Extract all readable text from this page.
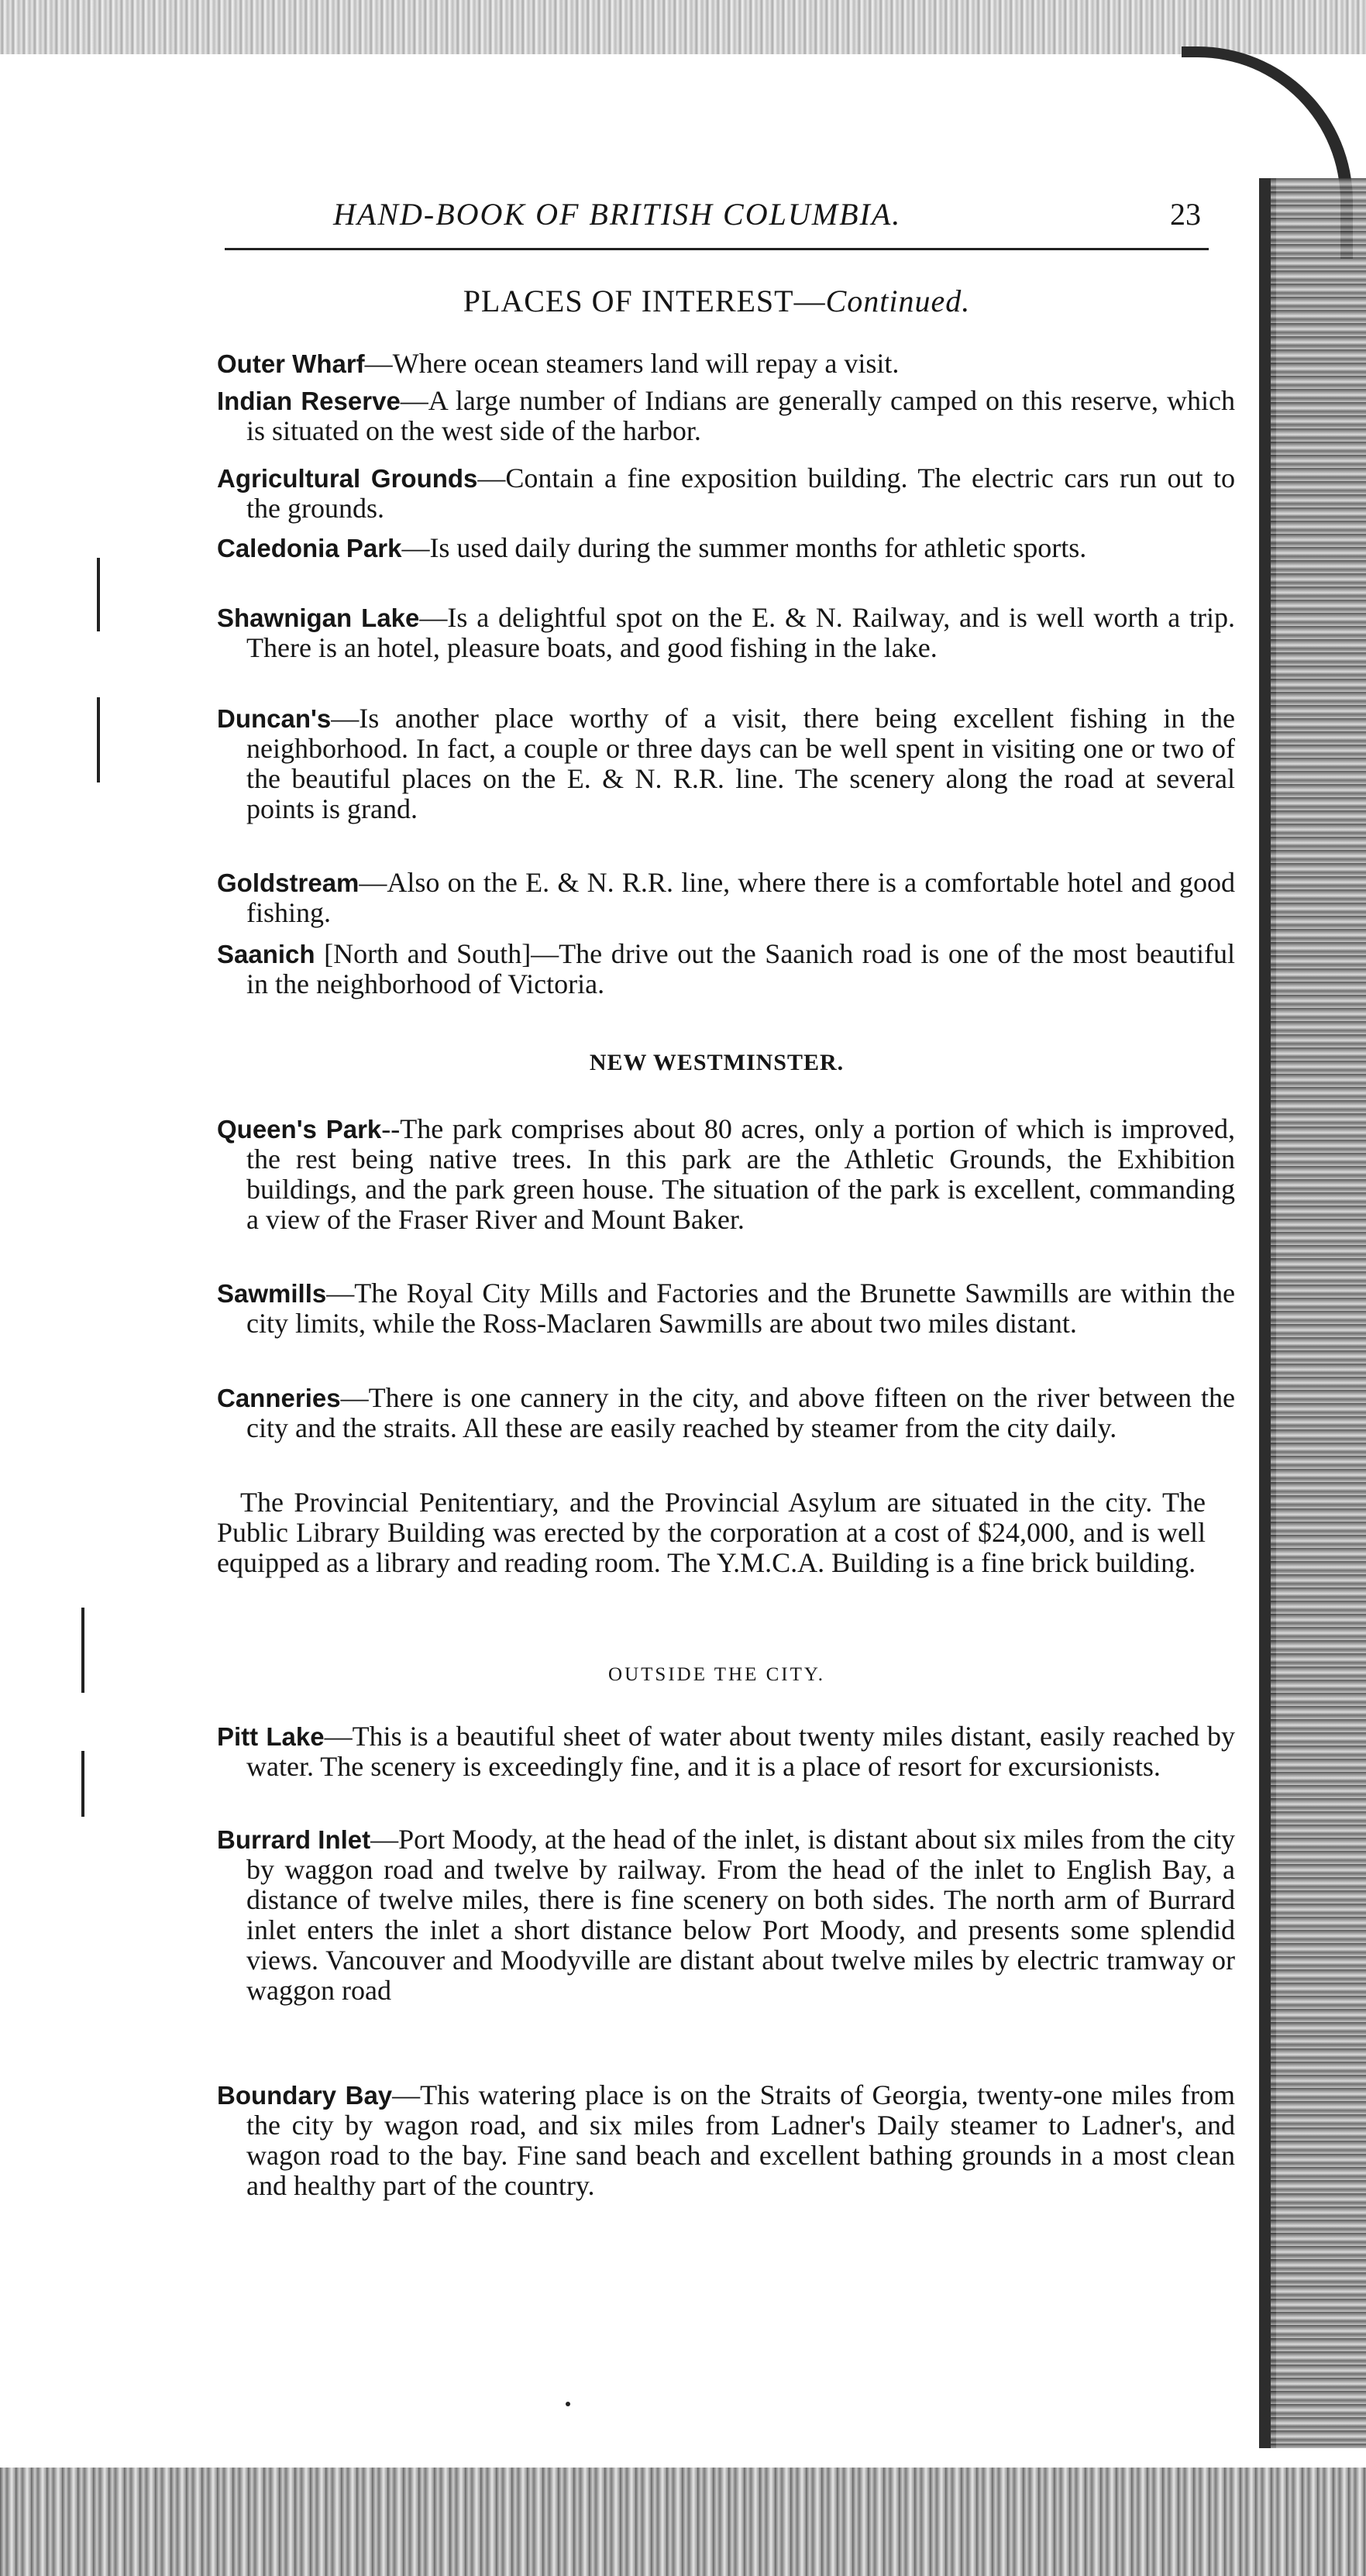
HAND-BOOK OF BRITISH COLUMBIA.	23
PLACES OF INTEREST—Continued.
Outer Wharf—Where ocean steamers land will repay a visit.
Indian Reserve—A large number of Indians are generally camped on this reserve, which is situated on the west side of the harbor.
Agricultural Grounds—Contain a fine exposition building. The electric cars run out to the grounds.
Caledonia Park—Is used daily during the summer months for athletic sports.
Shawnigan Lake—Is a delightful spot on the E. & N. Railway, and is well worth a trip. There is an hotel, pleasure boats, and good fishing in the lake.
Duncan's—Is another place worthy of a visit, there being excellent fishing in the neighborhood. In fact, a couple or three days can be well spent in visiting one or two of the beautiful places on the E. & N. R.R. line. The scenery along the road at several points is grand.
Goldstream—Also on the E. & N. R.R. line, where there is a comfortable hotel and good fishing.
Saanich [North and South]—The drive out the Saanich road is one of the most beautiful in the neighborhood of Victoria.
NEW WESTMINSTER.
Queen's Park--The park comprises about 80 acres, only a portion of which is improved, the rest being native trees. In this park are the Athletic Grounds, the Exhibition buildings, and the park green house. The situation of the park is excellent, commanding a view of the Fraser River and Mount Baker.
Sawmills—The Royal City Mills and Factories and the Brunette Sawmills are within the city limits, while the Ross-Maclaren Sawmills are about two miles distant.
Canneries—There is one cannery in the city, and above fifteen on the river between the city and the straits. All these are easily reached by steamer from the city daily.
The Provincial Penitentiary, and the Provincial Asylum are situated in the city. The Public Library Building was erected by the corporation at a cost of $24,000, and is well equipped as a library and reading room. The Y.M.C.A. Building is a fine brick building.
OUTSIDE THE CITY.
Pitt Lake—This is a beautiful sheet of water about twenty miles distant, easily reached by water. The scenery is exceedingly fine, and it is a place of resort for excursionists.
Burrard Inlet—Port Moody, at the head of the inlet, is distant about six miles from the city by waggon road and twelve by railway. From the head of the inlet to English Bay, a distance of twelve miles, there is fine scenery on both sides. The north arm of Burrard inlet enters the inlet a short distance below Port Moody, and presents some splendid views. Vancouver and Moodyville are distant about twelve miles by electric tramway or waggon road
Boundary Bay—This watering place is on the Straits of Georgia, twenty-one miles from the city by wagon road, and six miles from Ladner's Daily steamer to Ladner's, and wagon road to the bay. Fine sand beach and excellent bathing grounds in a most clean and healthy part of the country.
